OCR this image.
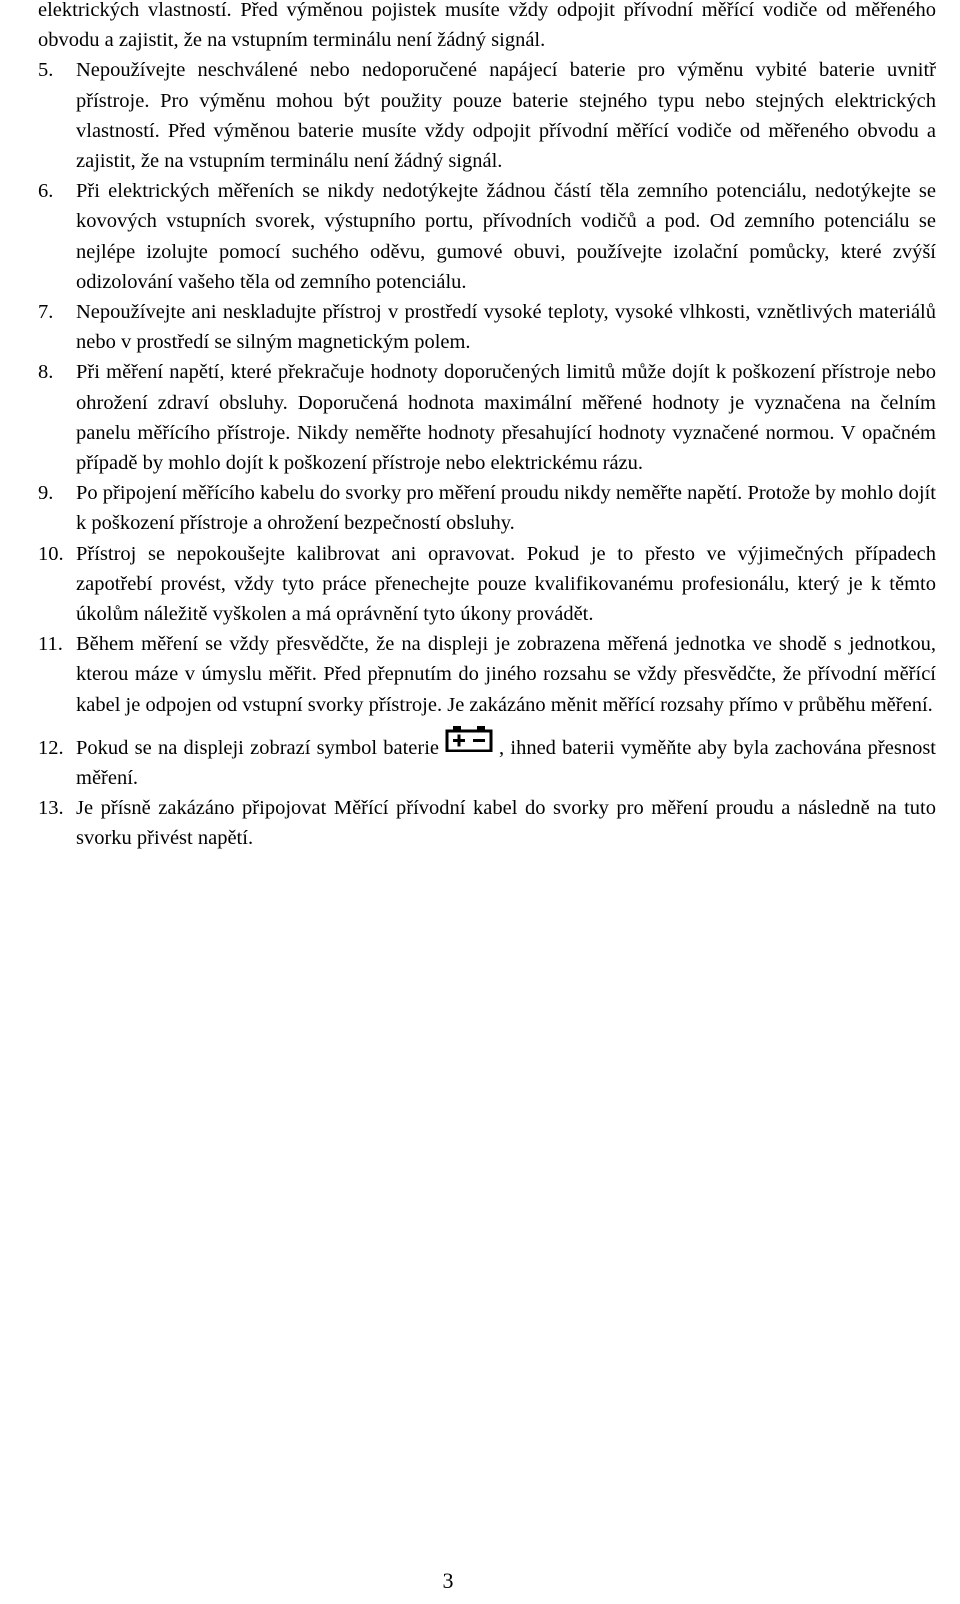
elektrických vlastností. Před výměnou pojistek musíte vždy odpojit přívodní měřící vodiče od měřeného obvodu a zajistit, že na vstupním terminálu není žádný signál.

5. Nepoužívejte neschválené nebo nedoporučené napájecí baterie pro výměnu vybité baterie uvnitř přístroje. Pro výměnu mohou být použity pouze baterie stejného typu nebo stejných elektrických vlastností. Před výměnou baterie musíte vždy odpojit přívodní měřící vodiče od měřeného obvodu a zajistit, že na vstupním terminálu není žádný signál.

6. Při elektrických měřeních se nikdy nedotýkejte žádnou částí těla zemního potenciálu, nedotýkejte se kovových vstupních svorek, výstupního portu, přívodních vodičů a pod. Od zemního potenciálu se nejlépe izolujte pomocí suchého oděvu, gumové obuvi, používejte izolační pomůcky, které zvýší odizolování vašeho těla od zemního potenciálu.

7. Nepoužívejte ani neskladujte přístroj v prostředí vysoké teploty, vysoké vlhkosti, vznětlivých materiálů nebo v prostředí se silným magnetickým polem.

8. Při měření napětí, které překračuje hodnoty doporučených limitů může dojít k poškození přístroje nebo ohrožení zdraví obsluhy. Doporučená hodnota maximální měřené hodnoty je vyznačena na čelním panelu měřícího přístroje. Nikdy neměřte hodnoty přesahující hodnoty vyznačené normou. V opačném případě by mohlo dojít k poškození přístroje nebo elektrickému rázu.

9. Po připojení měřícího kabelu do svorky pro měření proudu nikdy neměřte napětí. Protože by mohlo dojít k poškození přístroje a ohrožení bezpečností obsluhy.

10. Přístroj se nepokoušejte kalibrovat ani opravovat. Pokud je to přesto ve výjimečných případech zapotřebí provést, vždy tyto práce přenechejte pouze kvalifikovanému profesionálu, který je k těmto úkolům náležitě vyškolen a má oprávnění tyto úkony provádět.

11. Během měření se vždy přesvědčte, že na displeji je zobrazena měřená jednotka ve shodě s jednotkou, kterou máze v úmyslu měřit. Před přepnutím do jiného rozsahu se vždy přesvědčte, že přívodní měřící kabel je odpojen od vstupní svorky přístroje. Je zakázáno měnit měřící rozsahy přímo v průběhu měření.

12. Pokud se na displeji zobrazí symbol baterie	, ihned baterii vyměňte aby byla zachována přesnost měření.

13. Je přísně zakázáno připojovat Měřící přívodní kabel do svorky pro měření proudu a následně na tuto svorku přivést napětí.

3
